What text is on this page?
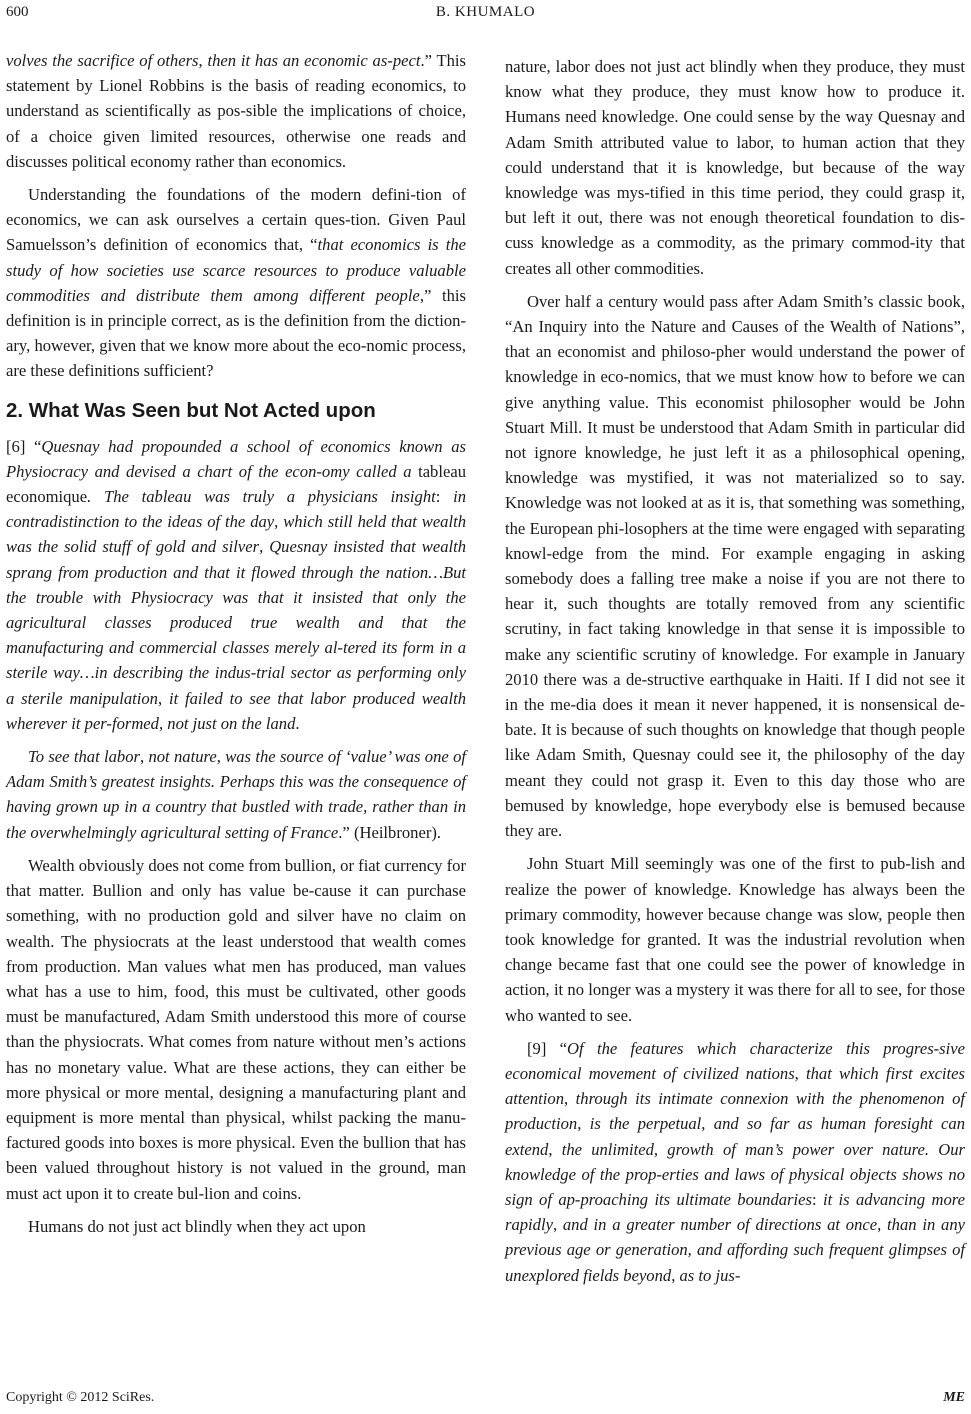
600	B. KHUMALO

volves the sacrifice of others, then it has an economic as-pect.” This statement by Lionel Robbins is the basis of reading economics, to understand as scientifically as pos-sible the implications of choice, of a choice given limited resources, otherwise one reads and discusses political economy rather than economics.

Understanding the foundations of the modern defini-tion of economics, we can ask ourselves a certain ques-tion. Given Paul Samuelsson’s definition of economics that, “that economics is the study of how societies use scarce resources to produce valuable commodities and distribute them among different people,” this definition is in principle correct, as is the definition from the diction-ary, however, given that we know more about the eco-nomic process, are these definitions sufficient?

2. What Was Seen but Not Acted upon

[6] “Quesnay had propounded a school of economics known as Physiocracy and devised a chart of the econ-omy called a tableau economique. The tableau was truly a physicians insight: in contradistinction to the ideas of the day, which still held that wealth was the solid stuff of gold and silver, Quesnay insisted that wealth sprang from production and that it flowed through the nation…But the trouble with Physiocracy was that it insisted that only the agricultural classes produced true wealth and that the manufacturing and commercial classes merely al-tered its form in a sterile way…in describing the indus-trial sector as performing only a sterile manipulation, it failed to see that labor produced wealth wherever it per-formed, not just on the land.

To see that labor, not nature, was the source of ‘value’ was one of Adam Smith’s greatest insights. Perhaps this was the consequence of having grown up in a country that bustled with trade, rather than in the overwhelmingly agricultural setting of France.” (Heilbroner).

Wealth obviously does not come from bullion, or fiat currency for that matter. Bullion and only has value be-cause it can purchase something, with no production gold and silver have no claim on wealth. The physiocrats at the least understood that wealth comes from production. Man values what men has produced, man values what has a use to him, food, this must be cultivated, other goods must be manufactured, Adam Smith understood this more of course than the physiocrats. What comes from nature without men’s actions has no monetary value. What are these actions, they can either be more physical or more mental, designing a manufacturing plant and equipment is more mental than physical, whilst packing the manu-factured goods into boxes is more physical. Even the bullion that has been valued throughout history is not valued in the ground, man must act upon it to create bul-lion and coins.

Humans do not just act blindly when they act upon

nature, labor does not just act blindly when they produce, they must know what they produce, they must know how to produce it. Humans need knowledge. One could sense by the way Quesnay and Adam Smith attributed value to labor, to human action that they could understand that it is knowledge, but because of the way knowledge was mys-tified in this time period, they could grasp it, but left it out, there was not enough theoretical foundation to dis-cuss knowledge as a commodity, as the primary commod-ity that creates all other commodities.

Over half a century would pass after Adam Smith’s classic book, “An Inquiry into the Nature and Causes of the Wealth of Nations”, that an economist and philoso-pher would understand the power of knowledge in eco-nomics, that we must know how to before we can give anything value. This economist philosopher would be John Stuart Mill. It must be understood that Adam Smith in particular did not ignore knowledge, he just left it as a philosophical opening, knowledge was mystified, it was not materialized so to say. Knowledge was not looked at as it is, that something was something, the European phi-losophers at the time were engaged with separating knowl-edge from the mind. For example engaging in asking somebody does a falling tree make a noise if you are not there to hear it, such thoughts are totally removed from any scientific scrutiny, in fact taking knowledge in that sense it is impossible to make any scientific scrutiny of knowledge. For example in January 2010 there was a de-structive earthquake in Haiti. If I did not see it in the me-dia does it mean it never happened, it is nonsensical de-bate. It is because of such thoughts on knowledge that though people like Adam Smith, Quesnay could see it, the philosophy of the day meant they could not grasp it. Even to this day those who are bemused by knowledge, hope everybody else is bemused because they are.

John Stuart Mill seemingly was one of the first to pub-lish and realize the power of knowledge. Knowledge has always been the primary commodity, however because change was slow, people then took knowledge for granted. It was the industrial revolution when change became fast that one could see the power of knowledge in action, it no longer was a mystery it was there for all to see, for those who wanted to see.

[9] “Of the features which characterize this progres-sive economical movement of civilized nations, that which first excites attention, through its intimate connexion with the phenomenon of production, is the perpetual, and so far as human foresight can extend, the unlimited, growth of man’s power over nature. Our knowledge of the prop-erties and laws of physical objects shows no sign of ap-proaching its ultimate boundaries: it is advancing more rapidly, and in a greater number of directions at once, than in any previous age or generation, and affording such frequent glimpses of unexplored fields beyond, as to jus-

Copyright © 2012 SciRes.	ME
